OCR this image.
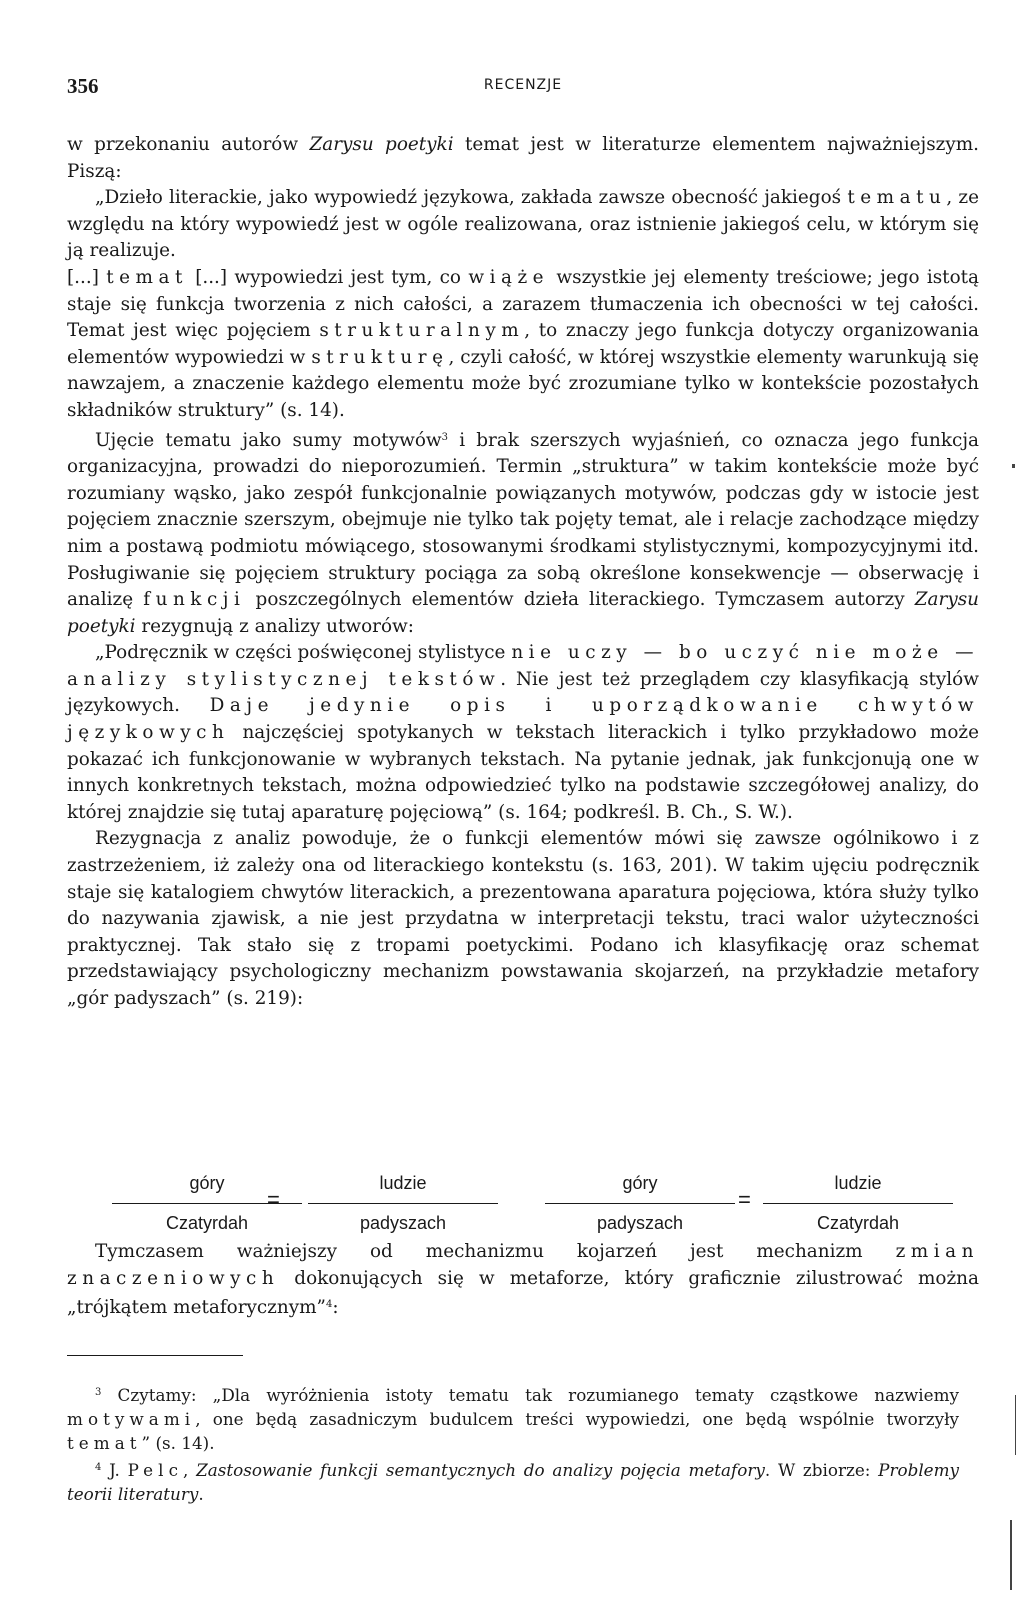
356	RECENZJE

w przekonaniu autorów Zarysu poetyki temat jest w literaturze elementem najważniejszym. Piszą:

„Dzieło literackie, jako wypowiedź językowa, zakłada zawsze obecność jakiegoś tematu, ze względu na który wypowiedź jest w ogóle realizowana, oraz istnienie jakiegoś celu, w którym się ją realizuje.

[...] temat [...] wypowiedzi jest tym, co wiąże wszystkie jej elementy treściowe; jego istotą staje się funkcja tworzenia z nich całości, a zarazem tłumaczenia ich obecności w tej całości. Temat jest więc pojęciem strukturalnym, to znaczy jego funkcja dotyczy organizowania elementów wypowiedzi w strukturę, czyli całość, w której wszystkie elementy warunkują się nawzajem, a znaczenie każdego elementu może być zrozumiane tylko w kontekście pozostałych składników struktury” (s. 14).

Ujęcie tematu jako sumy motywów$^3$ i brak szerszych wyjaśnień, co oznacza jego funkcja organizacyjna, prowadzi do nieporozumień. Termin „struktura” w takim kontekście może być rozumiany wąsko, jako zespół funkcjonalnie powiązanych motywów, podczas gdy w istocie jest pojęciem znacznie szerszym, obejmuje nie tylko tak pojęty temat, ale i relacje zachodzące między nim a postawą podmiotu mówiącego, stosowanymi środkami stylistycznymi, kompozycyjnymi itd. Posługiwanie się pojęciem struktury pociąga za sobą określone konsekwencje — obserwację i analizę funkcji poszczególnych elementów dzieła literackiego. Tymczasem autorzy Zarysu poetyki rezygnują z analizy utworów:

„Podręcznik w części poświęconej stylistyce nie uczy — bo uczyć nie może — analizy stylistycznej tekstów. Nie jest też przeglądem czy klasyfikacją stylów językowych. Daje jedynie opis i uporządkowanie chwytów językowych najczęściej spotykanych w tekstach literackich i tylko przykładowo może pokazać ich funkcjonowanie w wybranych tekstach. Na pytanie jednak, jak funkcjonują one w innych konkretnych tekstach, można odpowiedzieć tylko na podstawie szczegółowej analizy, do której znajdzie się tutaj aparaturę pojęciową” (s. 164; podkreśl. B. Ch., S. W.).

Rezygnacja z analiz powoduje, że o funkcji elementów mówi się zawsze ogólnikowo i z zastrzeżeniem, iż zależy ona od literackiego kontekstu (s. 163, 201). W takim ujęciu podręcznik staje się katalogiem chwytów literackich, a prezentowana aparatura pojęciowa, która służy tylko do nazywania zjawisk, a nie jest przydatna w interpretacji tekstu, traci walor użyteczności praktycznej. Tak stało się z tropami poetyckimi. Podano ich klasyfikację oraz schemat przedstawiający psychologiczny mechanizm powstawania skojarzeń, na przykładzie metafory „gór padyszach” (s. 219):

góry
Czatyrdah
=
ludzie
padyszach
góry
padyszach
=
ludzie
Czatyrdah

Tymczasem ważniejszy od mechanizmu kojarzeń jest mechanizm zmian znaczeniowych dokonujących się w metaforze, który graficznie zilustrować można „trójkątem metaforycznym”$^4$:

$^3$ Czytamy: „Dla wyróżnienia istoty tematu tak rozumianego tematy cząstkowe nazwiemy motywami, one będą zasadniczym budulcem treści wypowiedzi, one będą wspólnie tworzyły temat” (s. 14).

$^4$ J. Pelc, Zastosowanie funkcji semantycznych do analizy pojęcia metafory. W zbiorze: Problemy teorii literatury.
